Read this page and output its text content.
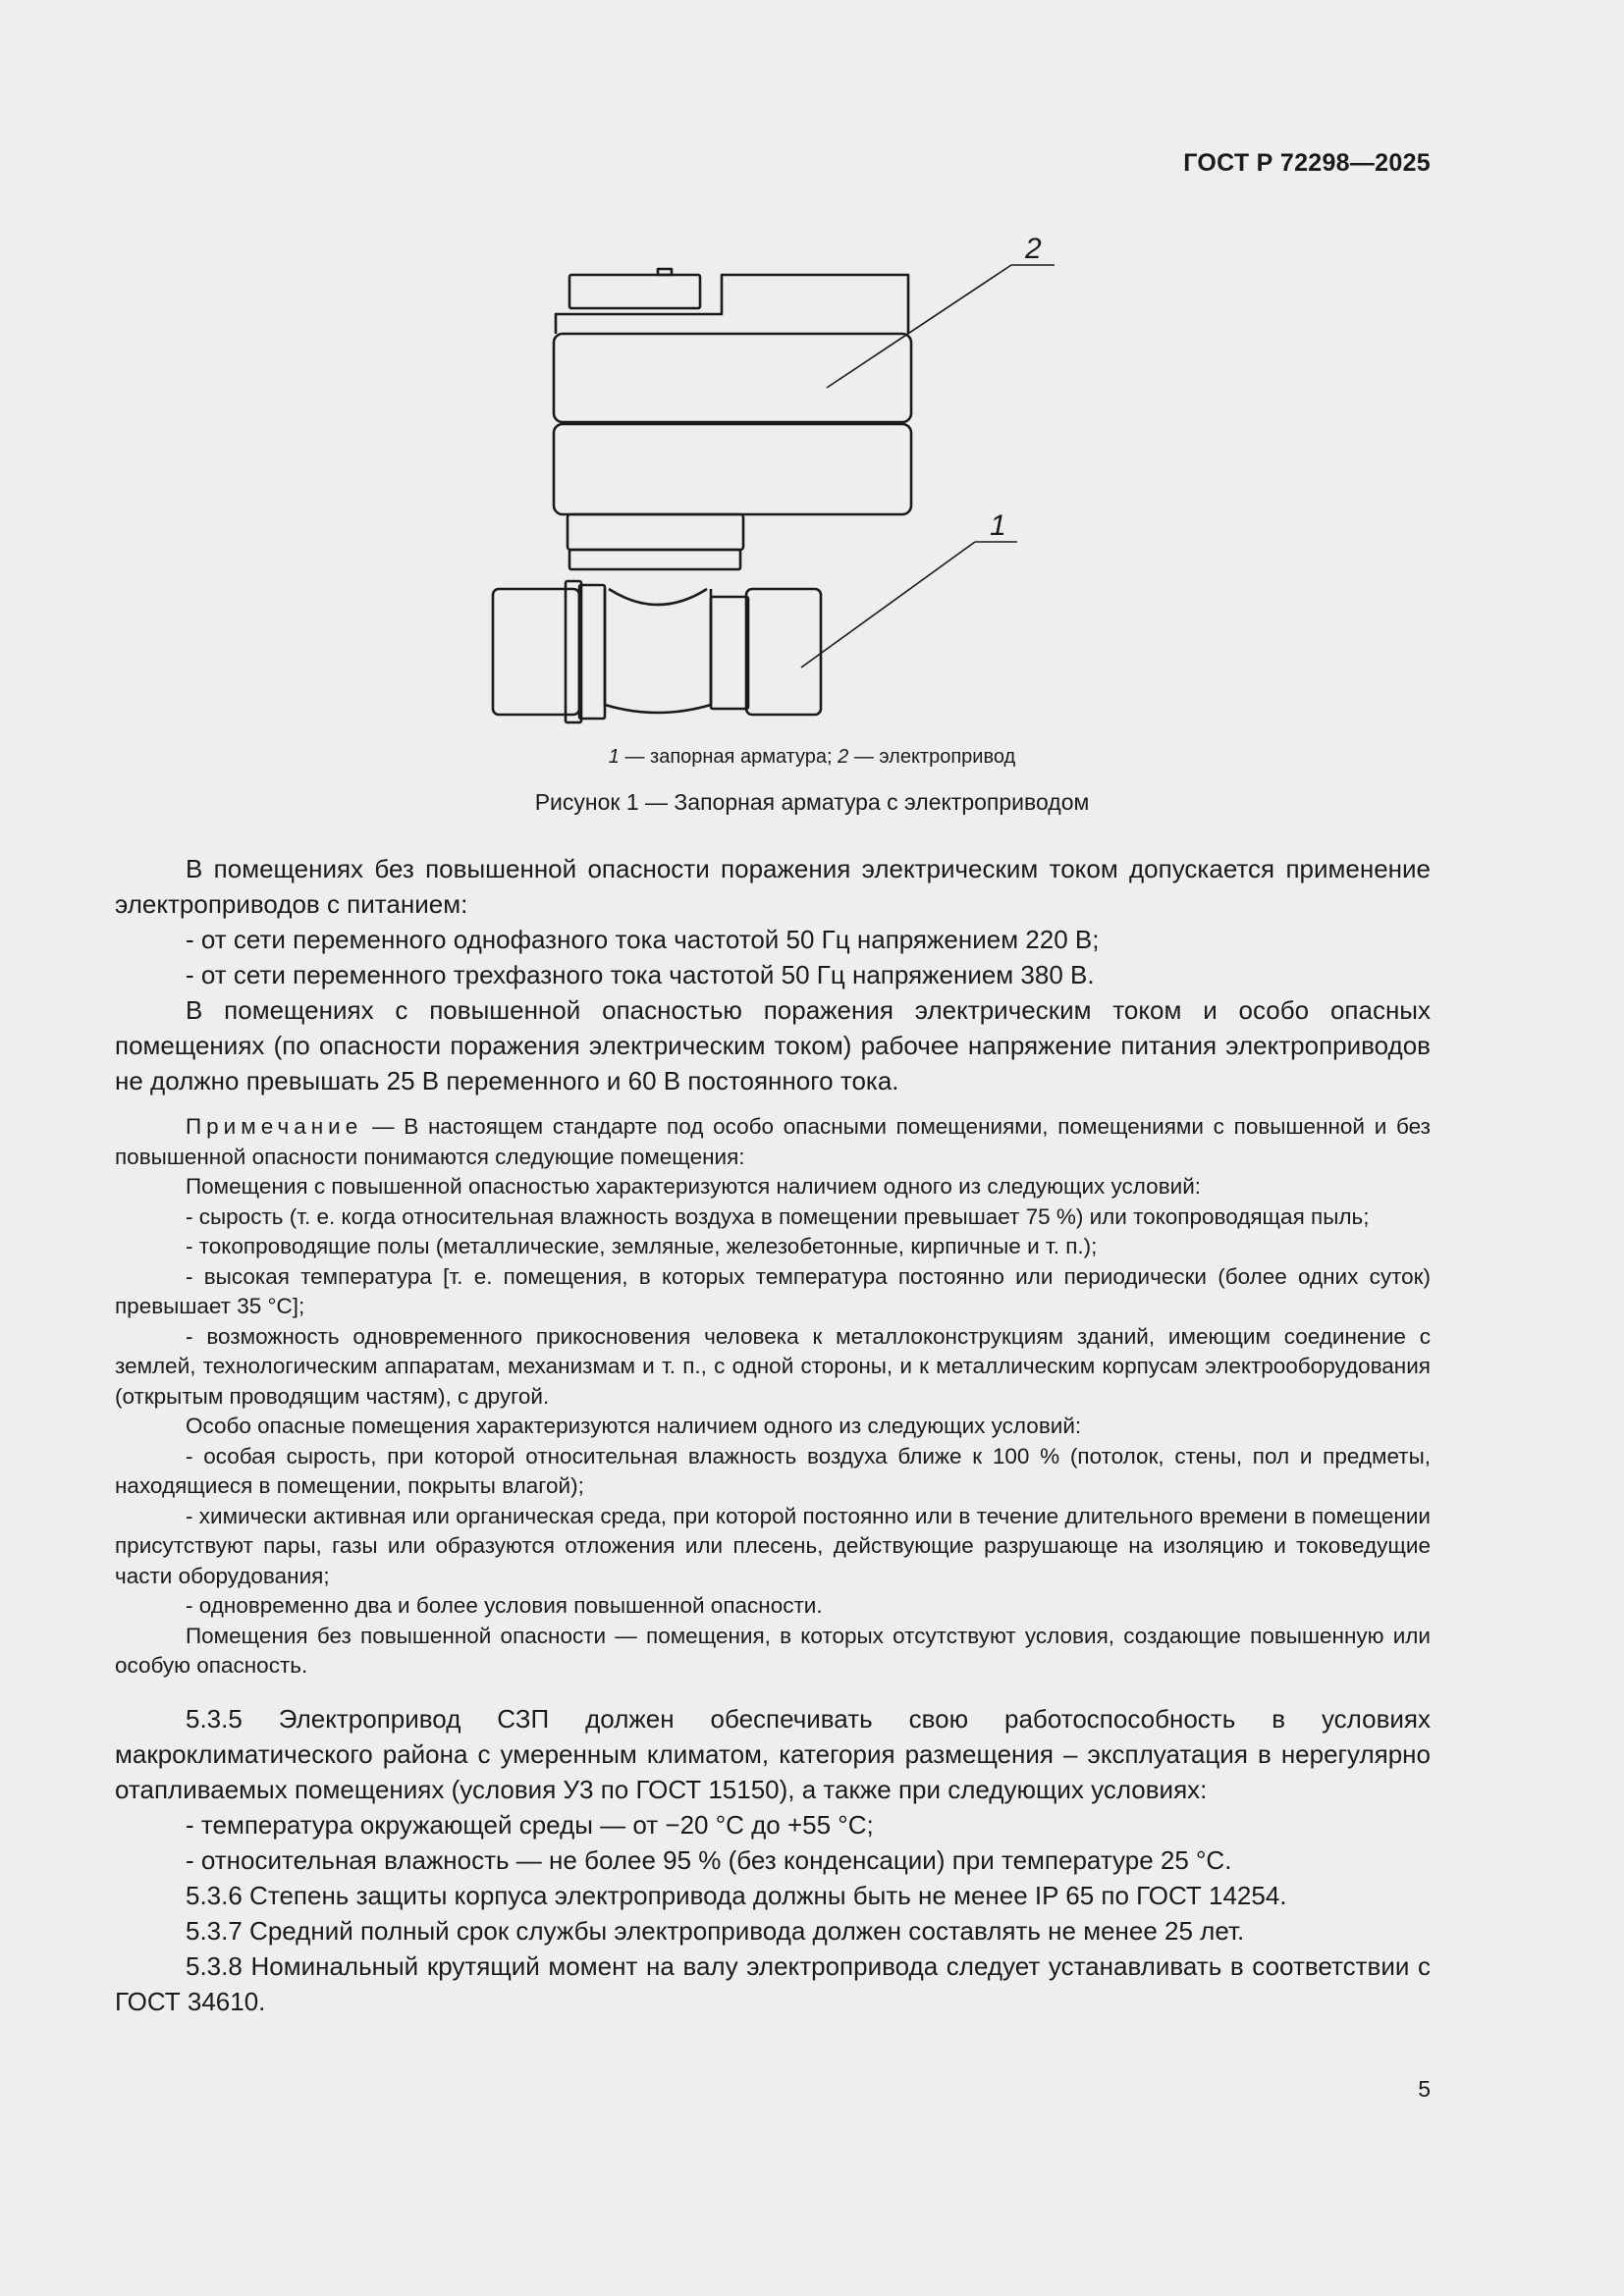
ГОСТ Р 72298—2025
2
1
1 — запорная арматура; 2 — электропривод
Рисунок 1 — Запорная арматура с электроприводом

В помещениях без повышенной опасности поражения электрическим током допускается применение электроприводов с питанием:

- от сети переменного однофазного тока частотой 50 Гц напряжением 220 В;

- от сети переменного трехфазного тока частотой 50 Гц напряжением 380 В.

В помещениях с повышенной опасностью поражения электрическим током и особо опасных помещениях (по опасности поражения электрическим током) рабочее напряжение питания электроприводов не должно превышать 25 В переменного и 60 В постоянного тока.

Примечание — В настоящем стандарте под особо опасными помещениями, помещениями с повышенной и без повышенной опасности понимаются следующие помещения:

Помещения с повышенной опасностью характеризуются наличием одного из следующих условий:

- сырость (т. е. когда относительная влажность воздуха в помещении превышает 75 %) или токопроводящая пыль;

- токопроводящие полы (металлические, земляные, железобетонные, кирпичные и т. п.);

- высокая температура [т. е. помещения, в которых температура постоянно или периодически (более одних суток) превышает 35 °С];

- возможность одновременного прикосновения человека к металлоконструкциям зданий, имеющим соединение с землей, технологическим аппаратам, механизмам и т. п., с одной стороны, и к металлическим корпусам электрооборудования (открытым проводящим частям), с другой.

Особо опасные помещения характеризуются наличием одного из следующих условий:

- особая сырость, при которой относительная влажность воздуха ближе к 100 % (потолок, стены, пол и предметы, находящиеся в помещении, покрыты влагой);

- химически активная или органическая среда, при которой постоянно или в течение длительного времени в помещении присутствуют пары, газы или образуются отложения или плесень, действующие разрушающе на изоляцию и токоведущие части оборудования;

- одновременно два и более условия повышенной опасности.

Помещения без повышенной опасности — помещения, в которых отсутствуют условия, создающие повышенную или особую опасность.

5.3.5 Электропривод СЗП должен обеспечивать свою работоспособность в условиях макроклиматического района с умеренным климатом, категория размещения – эксплуатация в нерегулярно отапливаемых помещениях (условия У3 по ГОСТ 15150), а также при следующих условиях:

- температура окружающей среды — от −20 °С до +55 °С;

- относительная влажность — не более 95 % (без конденсации) при температуре 25 °С.

5.3.6 Степень защиты корпуса электропривода должны быть не менее IP 65 по ГОСТ 14254.

5.3.7 Средний полный срок службы электропривода должен составлять не менее 25 лет.

5.3.8 Номинальный крутящий момент на валу электропривода следует устанавливать в соответствии с ГОСТ 34610.

5
